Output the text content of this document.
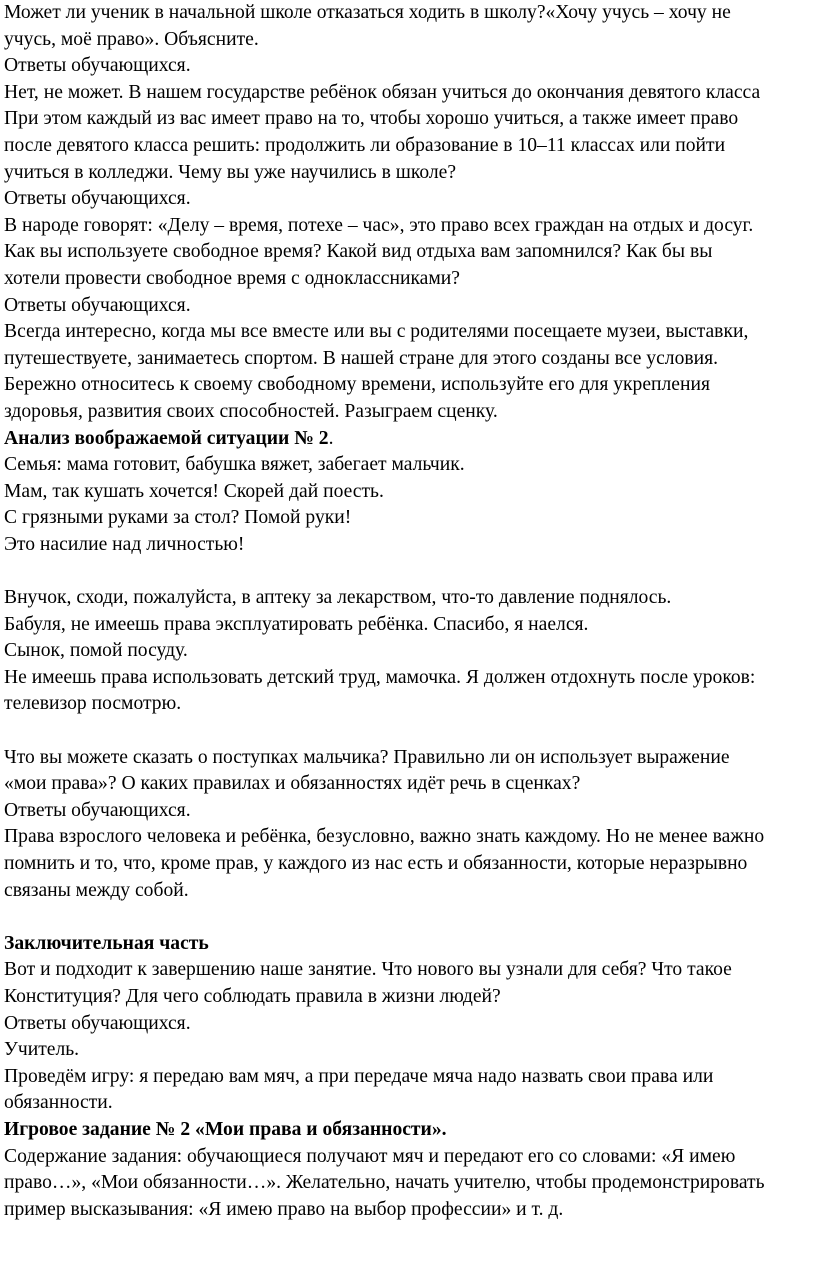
Может ли ученик в начальной школе отказаться ходить в школу?«Хочу учусь – хочу не

учусь, моё право». Объясните.

Ответы обучающихся.

Нет, не может. В нашем государстве ребёнок обязан учиться до окончания девятого класса

При этом каждый из вас имеет право на то, чтобы хорошо учиться, а также имеет право

после девятого класса решить: продолжить ли образование в 10–11 классах или пойти

учиться в колледжи. Чему вы уже научились в школе?

Ответы обучающихся.

В народе говорят: «Делу – время, потехе – час», это право всех граждан на отдых и досуг.

Как вы используете свободное время? Какой вид отдыха вам запомнился? Как бы вы

хотели провести свободное время с одноклассниками?

Ответы обучающихся.

Всегда интересно, когда мы все вместе или вы с родителями посещаете музеи, выставки,

путешествуете, занимаетесь спортом. В нашей стране для этого созданы все условия.

Бережно относитесь к своему свободному времени, используйте его для укрепления

здоровья, развития своих способностей. Разыграем сценку.

Анализ воображаемой ситуации № 2.

Семья: мама готовит, бабушка вяжет, забегает мальчик.

Мам, так кушать хочется! Скорей дай поесть.

С грязными руками за стол? Помой руки!

Это насилие над личностью!

Внучок, сходи, пожалуйста, в аптеку за лекарством, что-то давление поднялось.

Бабуля, не имеешь права эксплуатировать ребёнка. Спасибо, я наелся.

Сынок, помой посуду.

Не имеешь права использовать детский труд, мамочка. Я должен отдохнуть после уроков:

телевизор посмотрю.

Что вы можете сказать о поступках мальчика? Правильно ли он использует выражение

«мои права»? О каких правилах и обязанностях идёт речь в сценках?

Ответы обучающихся.

Права взрослого человека и ребёнка, безусловно, важно знать каждому. Но не менее важно

помнить и то, что, кроме прав, у каждого из нас есть и обязанности, которые неразрывно

связаны между собой.

Заключительная часть

Вот и подходит к завершению наше занятие. Что нового вы узнали для себя? Что такое

Конституция? Для чего соблюдать правила в жизни людей?

Ответы обучающихся.

Учитель.

Проведём игру: я передаю вам мяч, а при передаче мяча надо назвать свои права или

обязанности.

Игровое задание № 2 «Мои права и обязанности».

Содержание задания: обучающиеся получают мяч и передают его со словами: «Я имею

право…», «Мои обязанности…». Желательно, начать учителю, чтобы продемонстрировать

пример высказывания: «Я имею право на выбор профессии» и т. д.
